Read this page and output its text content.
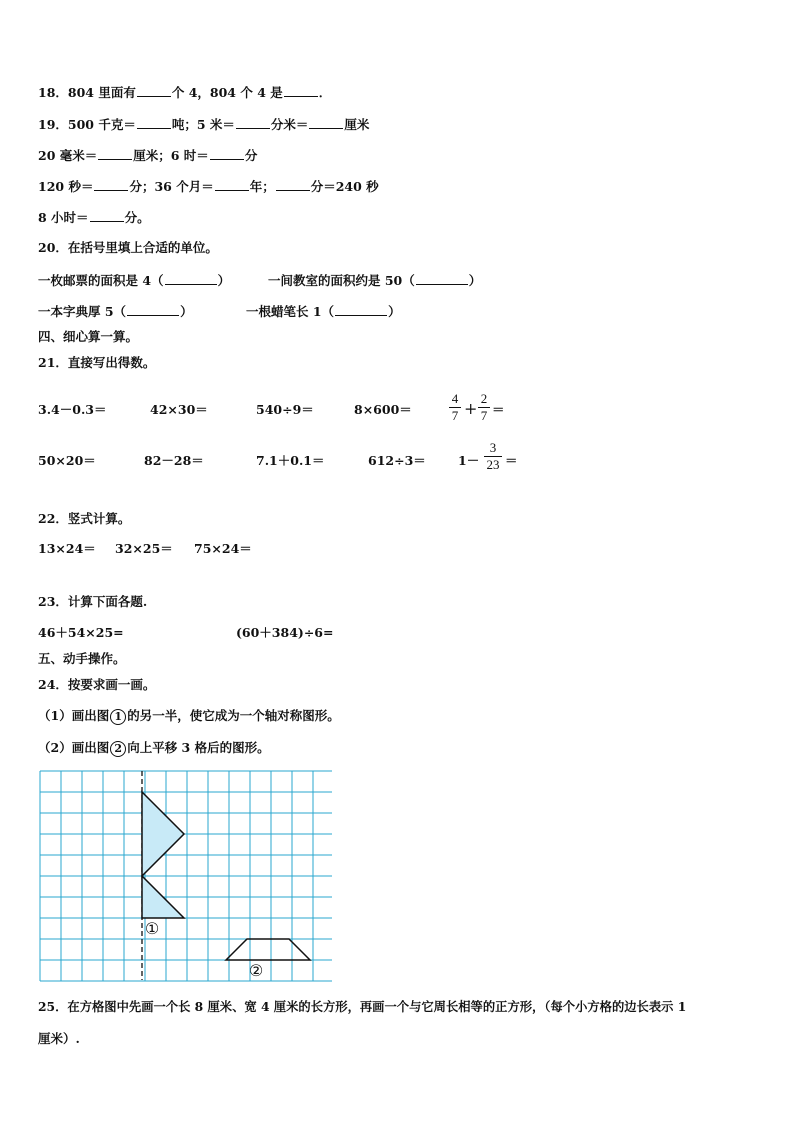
18．804 里面有	个 4，804 个 4 是	．
19．500 千克＝	吨；5 米＝	分米＝	厘米
20 毫米＝	厘米；6 时＝	分
120 秒＝	分；36 个月＝	年；	分＝240 秒
8 小时＝	分。
20．在括号里填上合适的单位。
一枚邮票的面积是 4（	）	一间教室的面积约是 50（	）
一本字典厚 5（	）	一根蜡笔长 1（	）
四、细心算一算。
21．直接写出得数。
3.4－0.3＝	42×30＝	540÷9＝	8×600＝
4
7 +
2
7 ＝
50×20＝	82－28＝	7.1＋0.1＝	612÷3＝	1－
3
23 ＝
22．竖式计算。
13×24＝ 32×25＝ 75×24＝
23．计算下面各题.
46＋54×25=	(60＋384)÷6=
五、动手操作。
24．按要求画一画。
（1）画出图 1 的另一半，使它成为一个轴对称图形。
（2）画出图 2 向上平移 3 格后的图形。
①
②
25．在方格图中先画一个长 8 厘米、宽 4 厘米的长方形，再画一个与它周长相等的正方形，（每个小方格的边长表示 1
厘米）.
